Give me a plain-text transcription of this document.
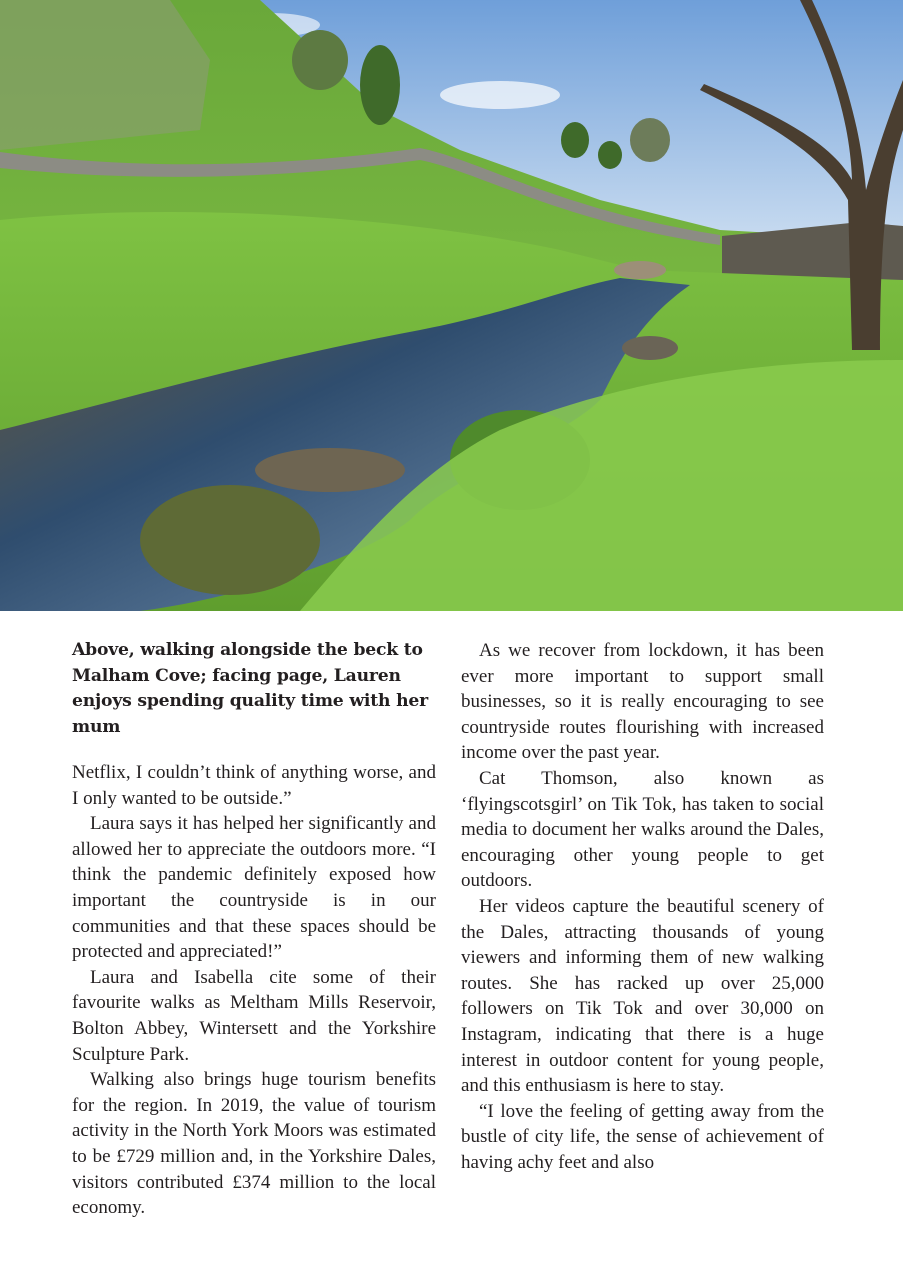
Above, walking alongside the beck to Malham Cove; facing page, Lauren enjoys spending quality time with her mum

Netflix, I couldn’t think of anything worse, and I only wanted to be outside.”

Laura says it has helped her significantly and allowed her to appreciate the outdoors more. “I think the pandemic definitely exposed how important the countryside is in our communities and that these spaces should be protected and appreciated!”

Laura and Isabella cite some of their favourite walks as Meltham Mills Reservoir, Bolton Abbey, Wintersett and the Yorkshire Sculpture Park.

Walking also brings huge tourism benefits for the region. In 2019, the value of tourism activity in the North York Moors was estimated to be £729 million and, in the Yorkshire Dales, visitors contributed £374 million to the local economy.

As we recover from lockdown, it has been ever more important to support small businesses, so it is really encouraging to see countryside routes flourishing with increased income over the past year.

Cat Thomson, also known as ‘flyingscotsgirl’ on Tik Tok, has taken to social media to document her walks around the Dales, encouraging other young people to get outdoors.

Her videos capture the beautiful scenery of the Dales, attracting thousands of young viewers and informing them of new walking routes. She has racked up over 25,000 followers on Tik Tok and over 30,000 on Instagram, indicating that there is a huge interest in outdoor content for young people, and this enthusiasm is here to stay.

“I love the feeling of getting away from the bustle of city life, the sense of achievement of having achy feet and also
